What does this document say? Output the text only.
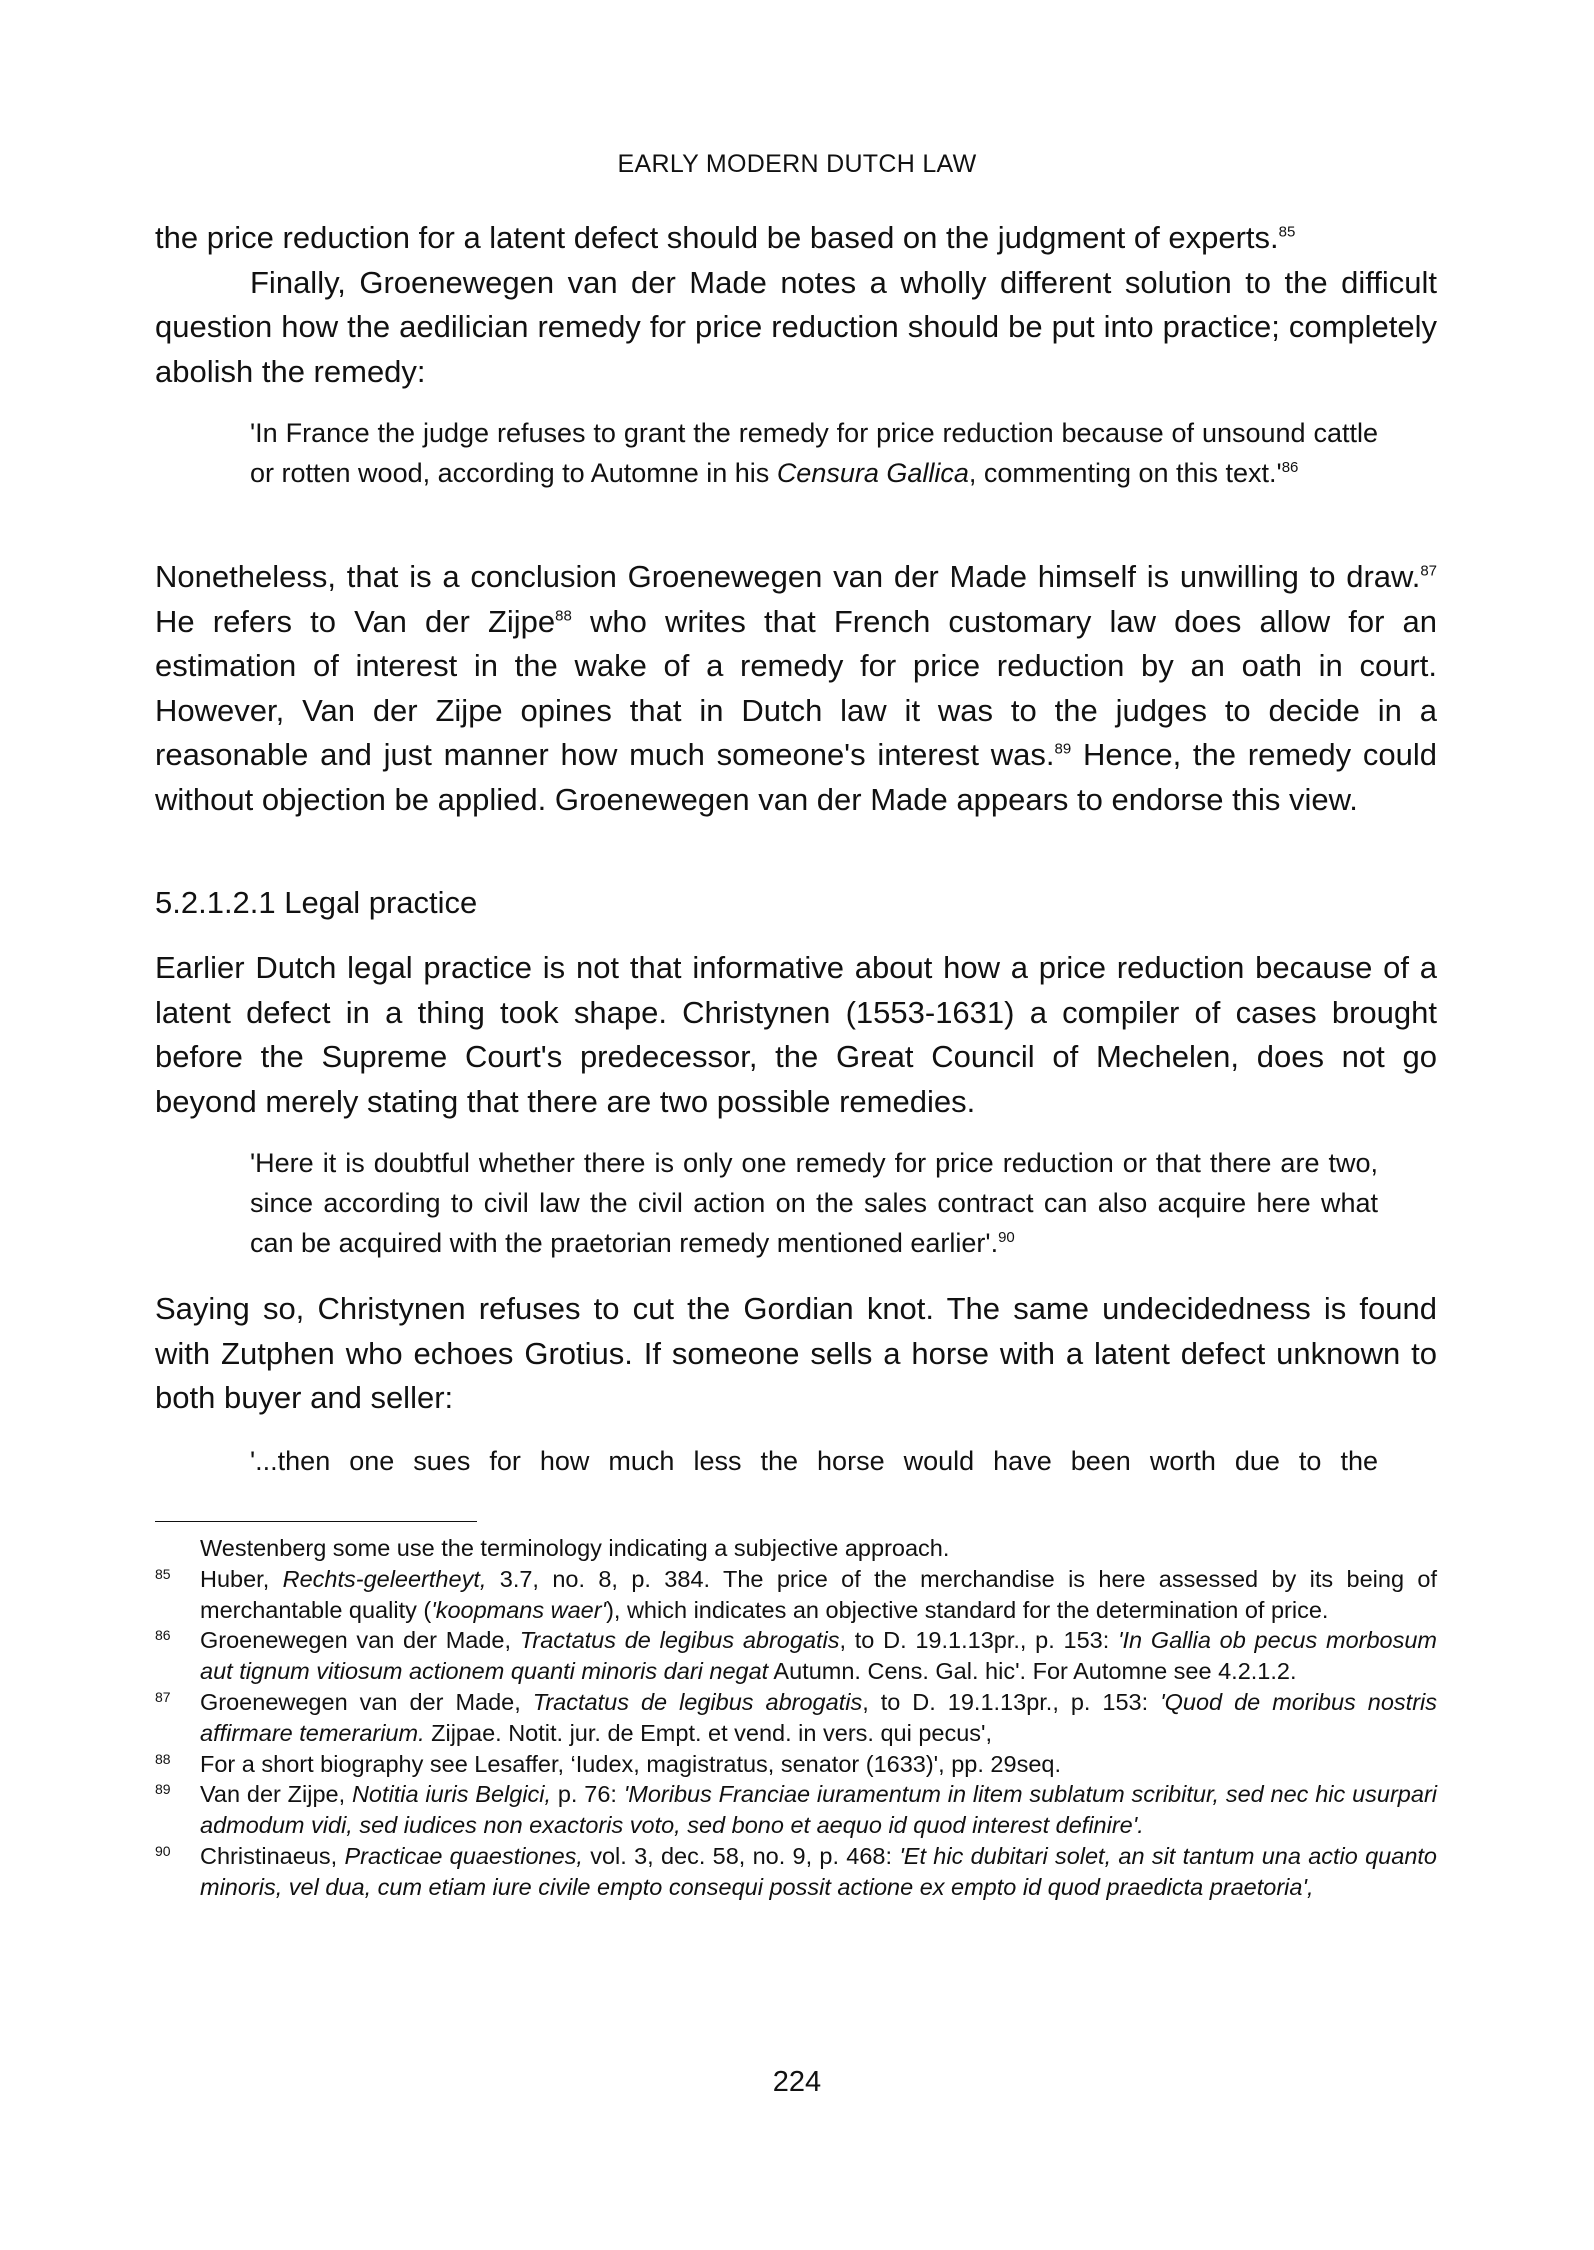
EARLY MODERN DUTCH LAW

the price reduction for a latent defect should be based on the judgment of experts.$^{85}$

Finally, Groenewegen van der Made notes a wholly different solution to the difficult question how the aedilician remedy for price reduction should be put into practice; completely abolish the remedy:

'In France the judge refuses to grant the remedy for price reduction because of unsound cattle or rotten wood, according to Automne in his Censura Gallica, commenting on this $text.'^{86}$

Nonetheless, that is a conclusion Groenewegen van der Made himself is unwilling to draw.$^{87}$ He refers to Van der Zijpe$^{88}$ who writes that French customary law does allow for an estimation of interest in the wake of a remedy for price reduction by an oath in court. However, Van der Zijpe opines that in Dutch law it was to the judges to decide in a reasonable and just manner how much someone's interest was.$^{89}$ Hence, the remedy could without objection be applied. Groenewegen van der Made appears to endorse this view.

5.2.1.2.1 Legal practice

Earlier Dutch legal practice is not that informative about how a price reduction because of a latent defect in a thing took shape. Christynen (1553-1631) a compiler of cases brought before the Supreme Court's predecessor, the Great Council of Mechelen, does not go beyond merely stating that there are two possible remedies.

'Here it is doubtful whether there is only one remedy for price reduction or that there are two, since according to civil law the civil action on the sales contract can also acquire here what can be acquired with the praetorian remedy mentioned earlier'.$^{90}$

Saying so, Christynen refuses to cut the Gordian knot. The same undecidedness is found with Zutphen who echoes Grotius. If someone sells a horse with a latent defect unknown to both buyer and seller:

'...then one sues for how much less the horse would have been worth due to the

Westenberg some use the terminology indicating a subjective approach.

85 Huber, Rechts-geleertheyt, 3.7, no. 8, p. 384. The price of the merchandise is here assessed by its being of merchantable quality ('koopmans waer'), which indicates an objective standard for the determination of price.

86 Groenewegen van der Made, Tractatus de legibus abrogatis, to D. 19.1.13pr., p. 153: 'In Gallia ob pecus morbosum aut tignum vitiosum actionem quanti minoris dari negat Autumn. Cens. Gal. hic'. For Automne see 4.2.1.2.

87 Groenewegen van der Made, Tractatus de legibus abrogatis, to D. 19.1.13pr., p. 153: 'Quod de moribus nostris affirmare temerarium. Zijpae. Notit. jur. de Empt. et vend. in vers. qui pecus',

88 For a short biography see Lesaffer, ‘Iudex, magistratus, senator (1633)', pp. 29seq.

89 Van der Zijpe, Notitia iuris Belgici, p. 76: 'Moribus Franciae iuramentum in litem sublatum scribitur, sed nec hic usurpari admodum vidi, sed iudices non exactoris voto, sed bono et aequo id quod interest definire'.

90 Christinaeus, Practicae quaestiones, vol. 3, dec. 58, no. 9, p. 468: 'Et hic dubitari solet, an sit tantum una actio quanto minoris, vel dua, cum etiam iure civile empto consequi possit actione ex empto id quod praedicta praetoria',

224
